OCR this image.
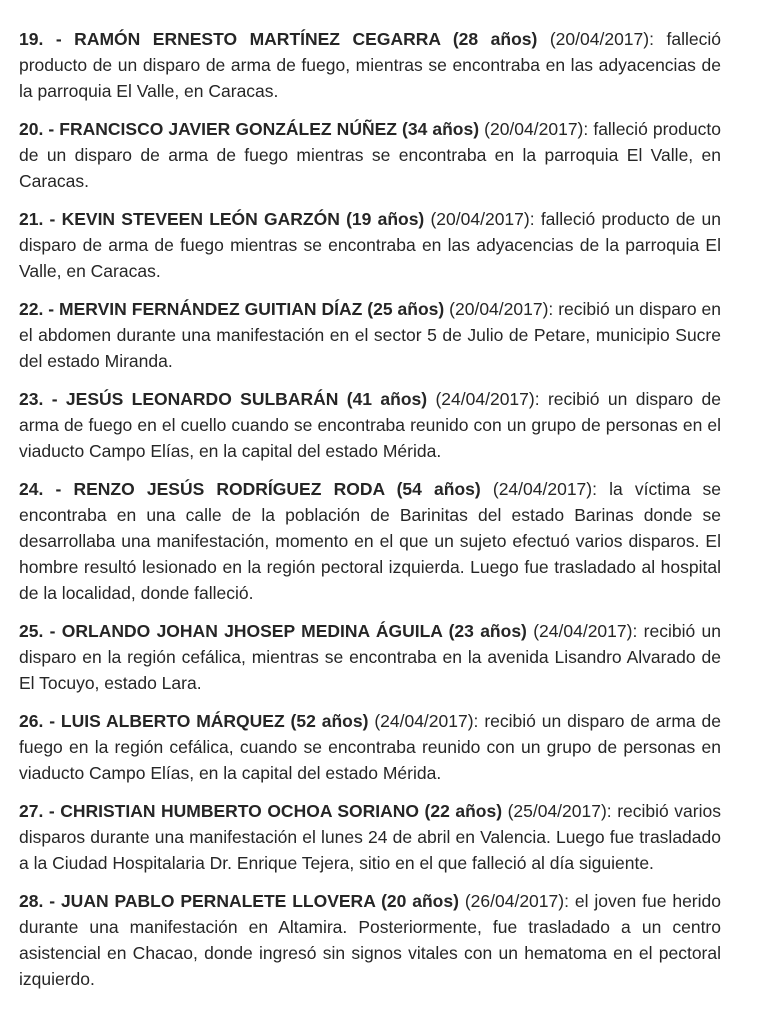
19. - RAMÓN ERNESTO MARTÍNEZ CEGARRA (28 años) (20/04/2017): falleció producto de un disparo de arma de fuego, mientras se encontraba en las adyacencias de la parroquia El Valle, en Caracas.

20. - FRANCISCO JAVIER GONZÁLEZ NÚÑEZ (34 años) (20/04/2017): falleció producto de un disparo de arma de fuego mientras se encontraba en la parroquia El Valle, en Caracas.

21. - KEVIN STEVEEN LEÓN GARZÓN (19 años) (20/04/2017): falleció producto de un disparo de arma de fuego mientras se encontraba en las adyacencias de la parroquia El Valle, en Caracas.

22. - MERVIN FERNÁNDEZ GUITIAN DÍAZ (25 años) (20/04/2017): recibió un disparo en el abdomen durante una manifestación en el sector 5 de Julio de Petare, municipio Sucre del estado Miranda.

23. - JESÚS LEONARDO SULBARÁN (41 años) (24/04/2017): recibió un disparo de arma de fuego en el cuello cuando se encontraba reunido con un grupo de personas en el viaducto Campo Elías, en la capital del estado Mérida.

24. - RENZO JESÚS RODRÍGUEZ RODA (54 años) (24/04/2017): la víctima se encontraba en una calle de la población de Barinitas del estado Barinas donde se desarrollaba una manifestación, momento en el que un sujeto efectuó varios disparos. El hombre resultó lesionado en la región pectoral izquierda. Luego fue trasladado al hospital de la localidad, donde falleció.

25. - ORLANDO JOHAN JHOSEP MEDINA ÁGUILA (23 años) (24/04/2017): recibió un disparo en la región cefálica, mientras se encontraba en la avenida Lisandro Alvarado de El Tocuyo, estado Lara.

26. - LUIS ALBERTO MÁRQUEZ (52 años) (24/04/2017): recibió un disparo de arma de fuego en la región cefálica, cuando se encontraba reunido con un grupo de personas en viaducto Campo Elías, en la capital del estado Mérida.

27. - CHRISTIAN HUMBERTO OCHOA SORIANO (22 años) (25/04/2017): recibió varios disparos durante una manifestación el lunes 24 de abril en Valencia. Luego fue trasladado a la Ciudad Hospitalaria Dr. Enrique Tejera, sitio en el que falleció al día siguiente.

28. - JUAN PABLO PERNALETE LLOVERA (20 años) (26/04/2017): el joven fue herido durante una manifestación en Altamira. Posteriormente, fue trasladado a un centro asistencial en Chacao, donde ingresó sin signos vitales con un hematoma en el pectoral izquierdo.
